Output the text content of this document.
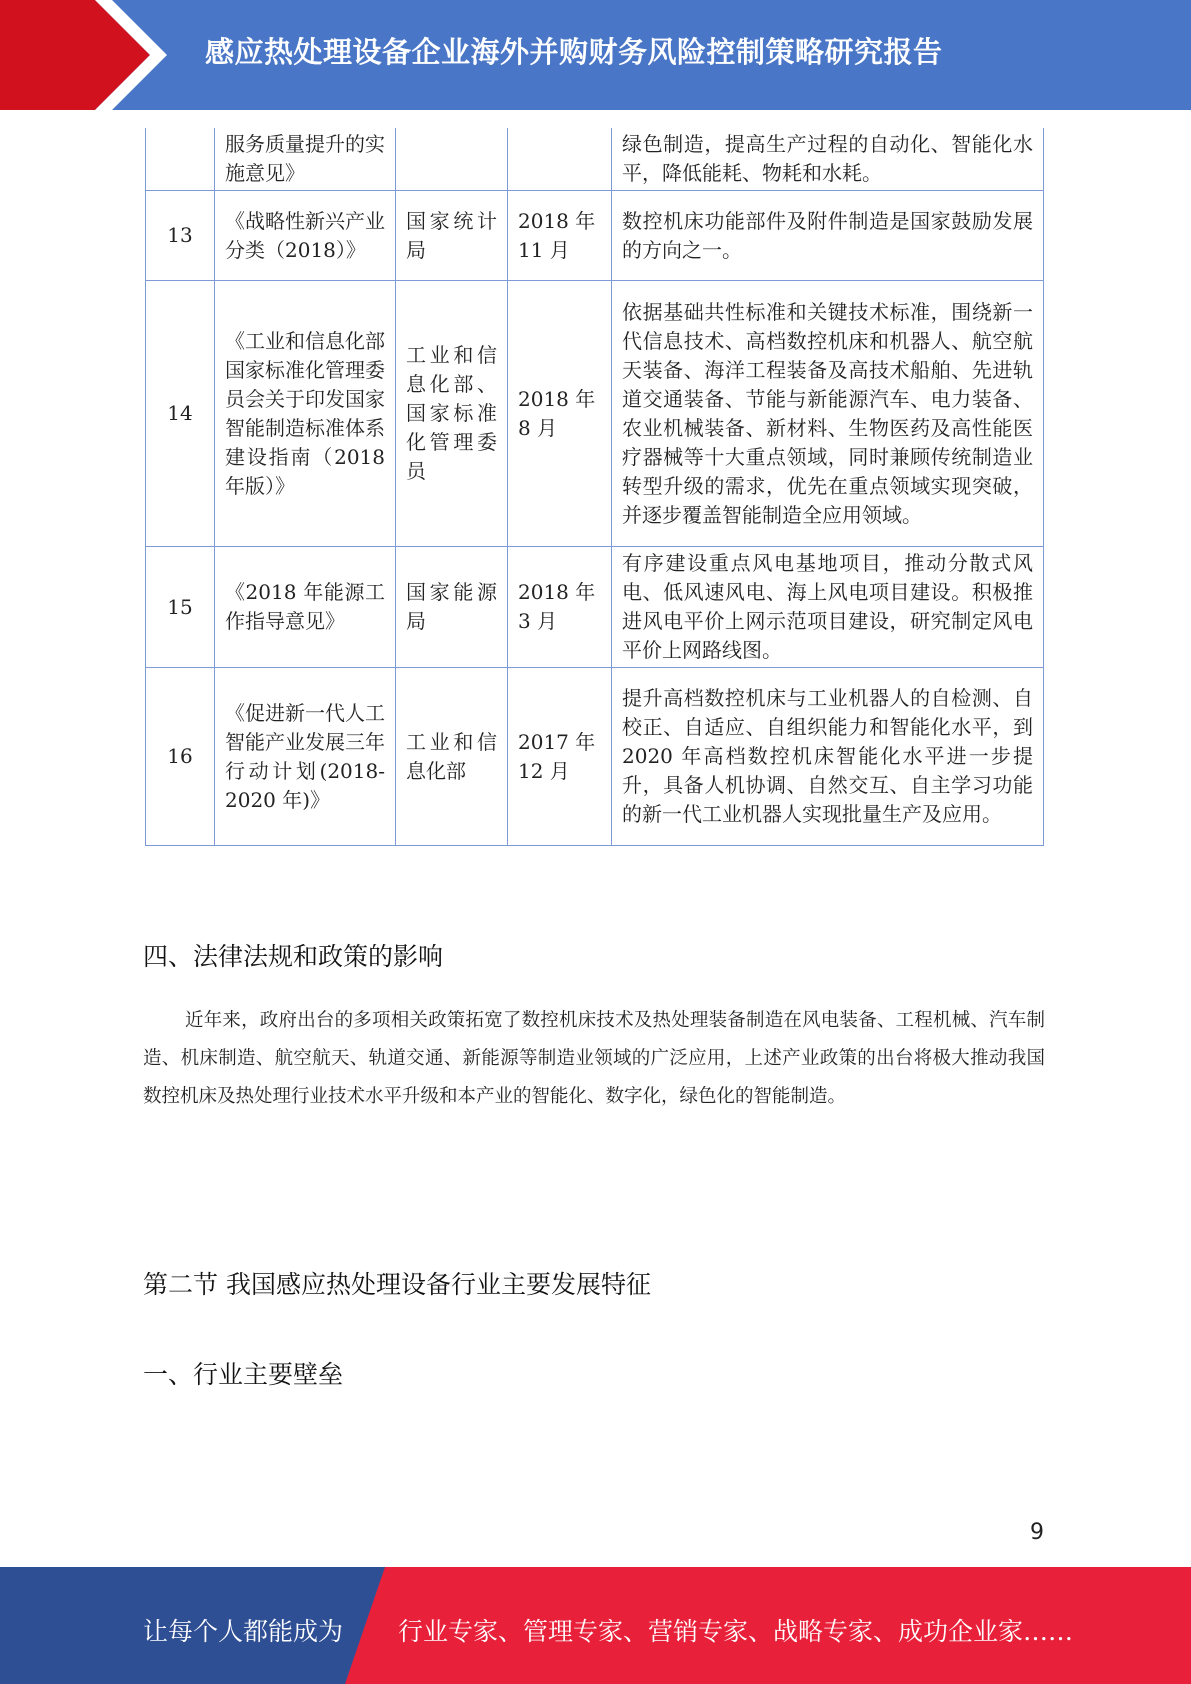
感应热处理设备企业海外并购财务风险控制策略研究报告
	服务质量提升的实施意见》			绿色制造，提高生产过程的自动化、智能化水平，降低能耗、物耗和水耗。
13	《战略性新兴产业分类（2018）》	国家统计局	2018 年 11 月	数控机床功能部件及附件制造是国家鼓励发展的方向之一。
14	《工业和信息化部国家标准化管理委员会关于印发国家智能制造标准体系建设指南（2018 年版）》	工业和信息化部、国家标准化管理委员	2018 年 8 月	依据基础共性标准和关键技术标准，围绕新一代信息技术、高档数控机床和机器人、航空航天装备、海洋工程装备及高技术船舶、先进轨道交通装备、节能与新能源汽车、电力装备、农业机械装备、新材料、生物医药及高性能医疗器械等十大重点领域，同时兼顾传统制造业转型升级的需求，优先在重点领域实现突破，并逐步覆盖智能制造全应用领域。
15	《2018 年能源工作指导意见》	国家能源局	2018 年 3 月	有序建设重点风电基地项目，推动分散式风电、低风速风电、海上风电项目建设。积极推进风电平价上网示范项目建设，研究制定风电平价上网路线图。
16	《促进新一代人工智能产业发展三年行动计划(2018-2020 年)》	工业和信息化部	2017 年 12 月	提升高档数控机床与工业机器人的自检测、自校正、自适应、自组织能力和智能化水平，到 2020 年高档数控机床智能化水平进一步提升，具备人机协调、自然交互、自主学习功能的新一代工业机器人实现批量生产及应用。
四、法律法规和政策的影响
近年来，政府出台的多项相关政策拓宽了数控机床技术及热处理装备制造在风电装备、工程机械、汽车制造、机床制造、航空航天、轨道交通、新能源等制造业领域的广泛应用，上述产业政策的出台将极大推动我国数控机床及热处理行业技术水平升级和本产业的智能化、数字化，绿色化的智能制造。
第二节 我国感应热处理设备行业主要发展特征
一、行业主要壁垒
9
让每个人都能成为 行业专家、管理专家、营销专家、战略专家、成功企业家……
